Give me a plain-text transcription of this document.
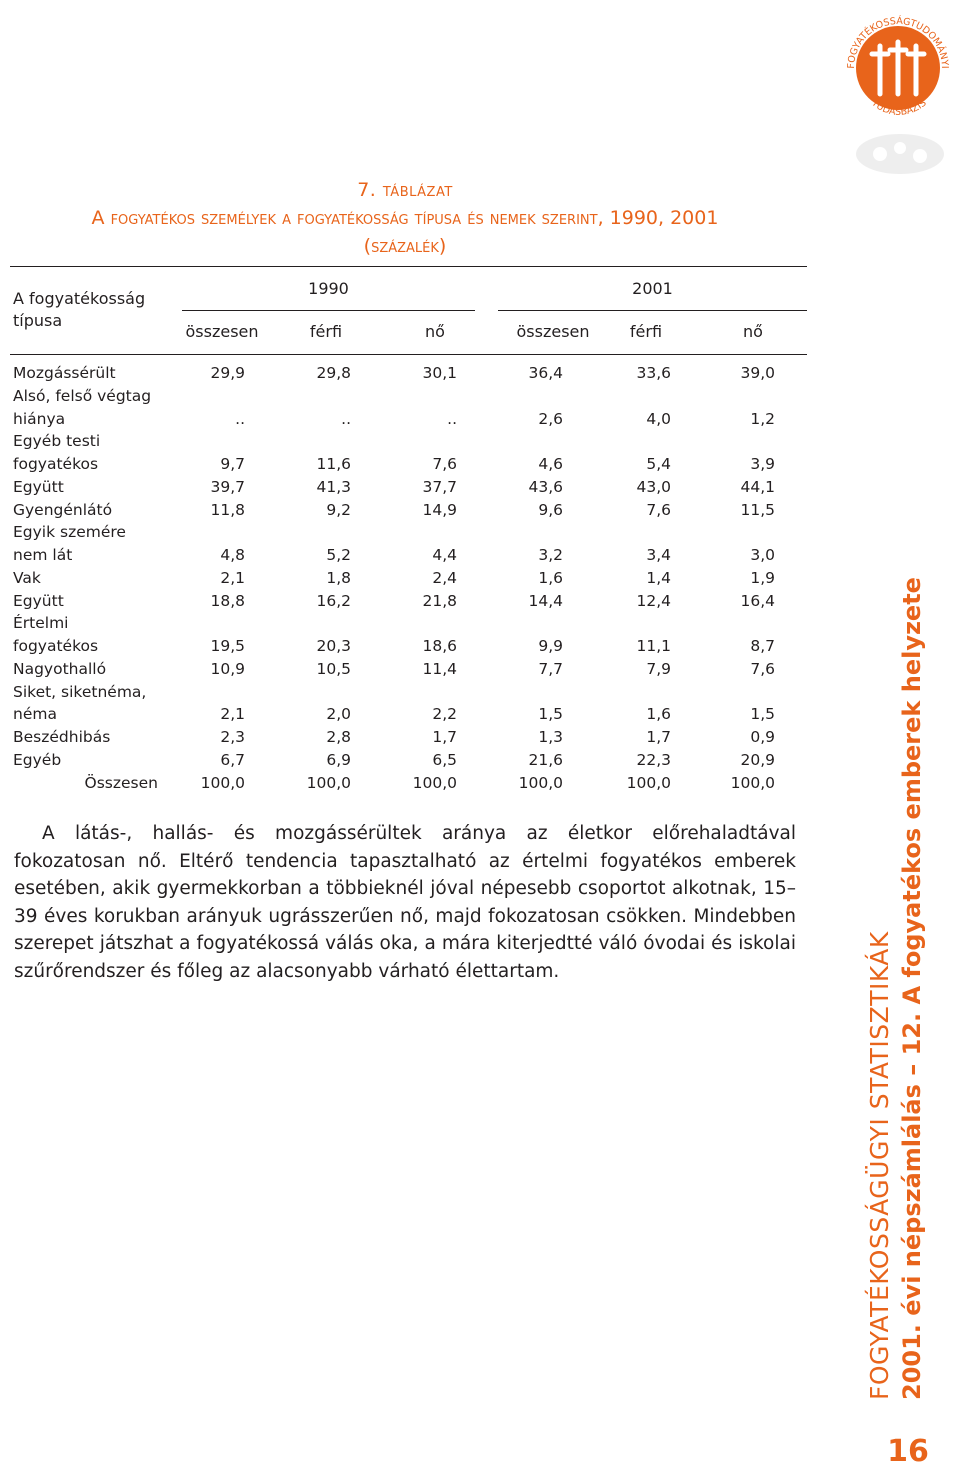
FOGYATÉKOSSÁGTUDOMÁNYI
TUDÁSBÁZIS
7. táblázat
A fogyatékos személyek a fogyatékosság típusa és nemek szerint, 1990, 2001
(százalék)
A fogyatékosság típusa
1990	2001
összesen	férfi	nő	összesen	férfi	nő
Mozgássérült	29,9	29,8	30,1	36,4	33,6	39,0
Alsó, felső végtag
hiánya	..	..	..	2,6	4,0	1,2
Egyéb testi
fogyatékos	9,7	11,6	7,6	4,6	5,4	3,9
Együtt	39,7	41,3	37,7	43,6	43,0	44,1
Gyengénlátó	11,8	9,2	14,9	9,6	7,6	11,5
Egyik szemére
nem lát	4,8	5,2	4,4	3,2	3,4	3,0
Vak	2,1	1,8	2,4	1,6	1,4	1,9
Együtt	18,8	16,2	21,8	14,4	12,4	16,4
Értelmi
fogyatékos	19,5	20,3	18,6	9,9	11,1	8,7
Nagyothalló	10,9	10,5	11,4	7,7	7,9	7,6
Siket, siketnéma,
néma	2,1	2,0	2,2	1,5	1,6	1,5
Beszédhibás	2,3	2,8	1,7	1,3	1,7	0,9
Egyéb	6,7	6,9	6,5	21,6	22,3	20,9
Összesen	100,0	100,0	100,0	100,0	100,0	100,0

A látás-, hallás- és mozgássérültek aránya az életkor előrehaladtával fokozatosan nő. Eltérő tendencia tapasztalható az értelmi fogyatékos emberek esetében, akik gyermekkorban a többieknél jóval népesebb csoportot alkotnak, 15–39 éves korukban arányuk ugrásszerűen nő, majd fokozatosan csökken. Mindebben szerepet játszhat a fogyatékossá válás oka, a mára kiterjedtté váló óvodai és iskolai szűrőrendszer és főleg az alacsonyabb várható élettartam.	FOGYATÉKOSSÁGÜGYI STATISZTIKÁK 2001. évi népszámlálás – 12. A fogyatékos emberek helyzete
16
